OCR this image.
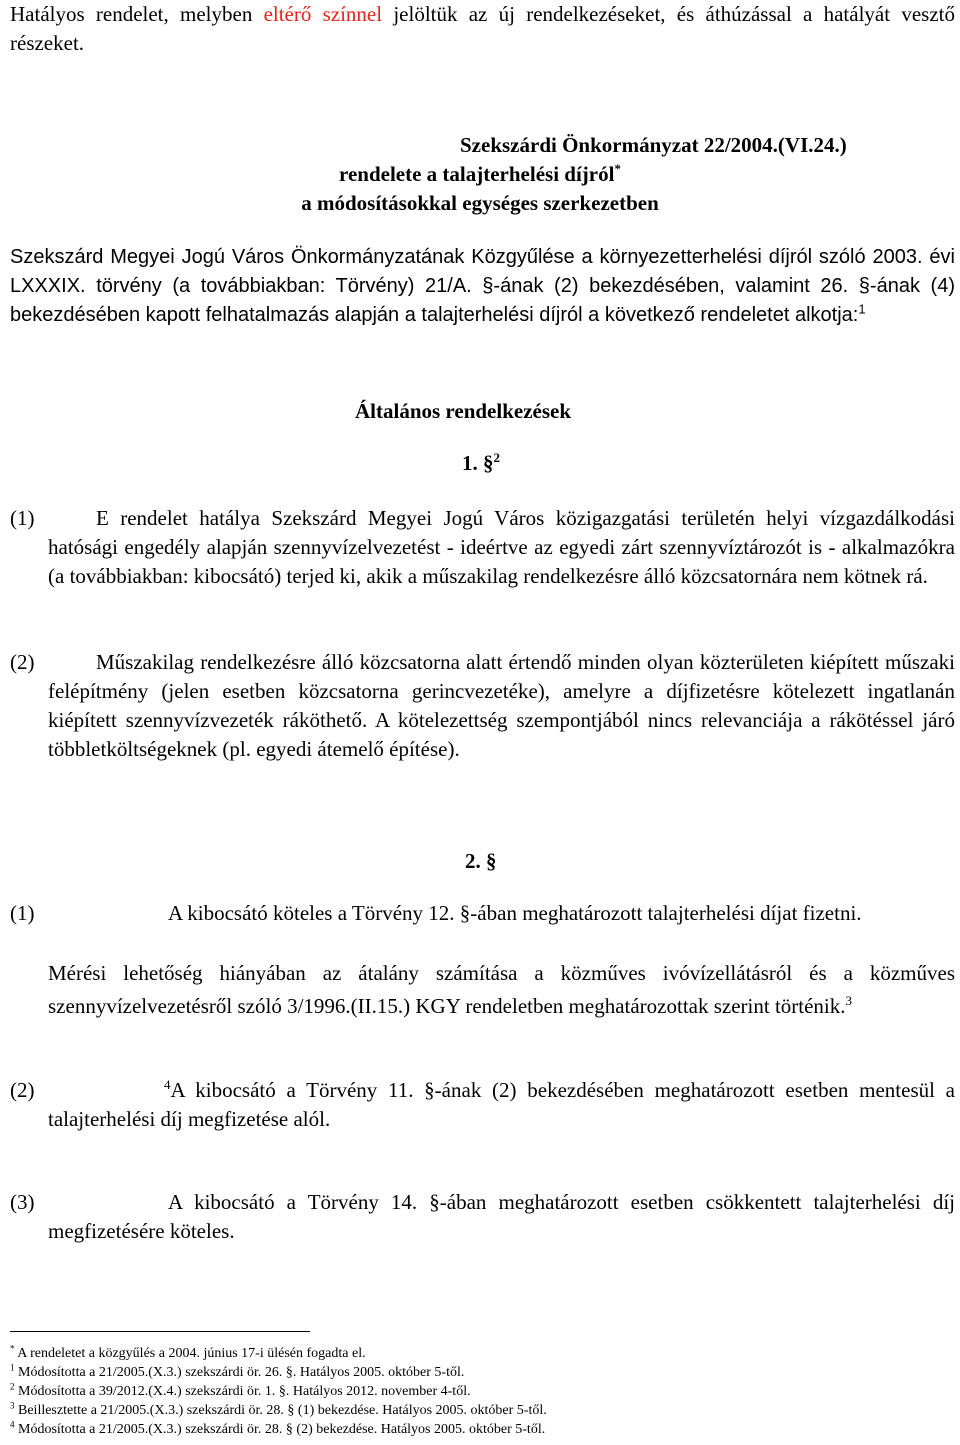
Hatályos rendelet, melyben eltérő színnel jelöltük az új rendelkezéseket, és áthúzással a hatályát vesztő részeket.
Szekszárdi Önkormányzat 22/2004.(VI.24.)
rendelete a talajterhelési díjról*
a módosításokkal egységes szerkezetben
Szekszárd Megyei Jogú Város Önkormányzatának Közgyűlése a környezetterhelési díjról szóló 2003. évi LXXXIX. törvény (a továbbiakban: Törvény) 21/A. §-ának (2) bekezdésében, valamint 26. §-ának (4) bekezdésében kapott felhatalmazás alapján a talajterhelési díjról a következő rendeletet alkotja:$^1$
Általános rendelkezések
1. §$^2$
(1)	E rendelet hatálya Szekszárd Megyei Jogú Város közigazgatási területén helyi vízgazdálkodási hatósági engedély alapján szennyvízelvezetést - ideértve az egyedi zárt szennyvíztározót is - alkalmazókra (a továbbiakban: kibocsátó) terjed ki, akik a műszakilag rendelkezésre álló közcsatornára nem kötnek rá.
(2)	Műszakilag rendelkezésre álló közcsatorna alatt értendő minden olyan közterületen kiépített műszaki felépítmény (jelen esetben közcsatorna gerincvezetéke), amelyre a díjfizetésre kötelezett ingatlanán kiépített szennyvízvezeték ráköthető. A kötelezettség szempontjából nincs relevanciája a rákötéssel járó többletköltségeknek (pl. egyedi átemelő építése).
2. §
(1)	A kibocsátó köteles a Törvény 12. §-ában meghatározott talajterhelési díjat fizetni.
Mérési lehetőség hiányában az átalány számítása a közműves ivóvízellátásról és a közműves szennyvízelvezetésről szóló 3/1996.(II.15.) KGY rendeletben meghatározottak szerint történik.$^3$
(2)	$^4$A kibocsátó a Törvény 11. §-ának (2) bekezdésében meghatározott esetben mentesül a talajterhelési díj megfizetése alól.
(3)	A kibocsátó a Törvény 14. §-ában meghatározott esetben csökkentett talajterhelési díj megfizetésére köteles.
* A rendeletet a közgyűlés a 2004. június 17-i ülésén fogadta el.
$^1$ Módosította a 21/2005.(X.3.) szekszárdi ör. 26. §. Hatályos 2005. október 5-től.
$^2$ Módosította a 39/2012.(X.4.) szekszárdi ör. 1. §. Hatályos 2012. november 4-től.
$^3$ Beillesztette a 21/2005.(X.3.) szekszárdi ör. 28. § (1) bekezdése. Hatályos 2005. október 5-től.
$^4$ Módosította a 21/2005.(X.3.) szekszárdi ör. 28. § (2) bekezdése. Hatályos 2005. október 5-től.
